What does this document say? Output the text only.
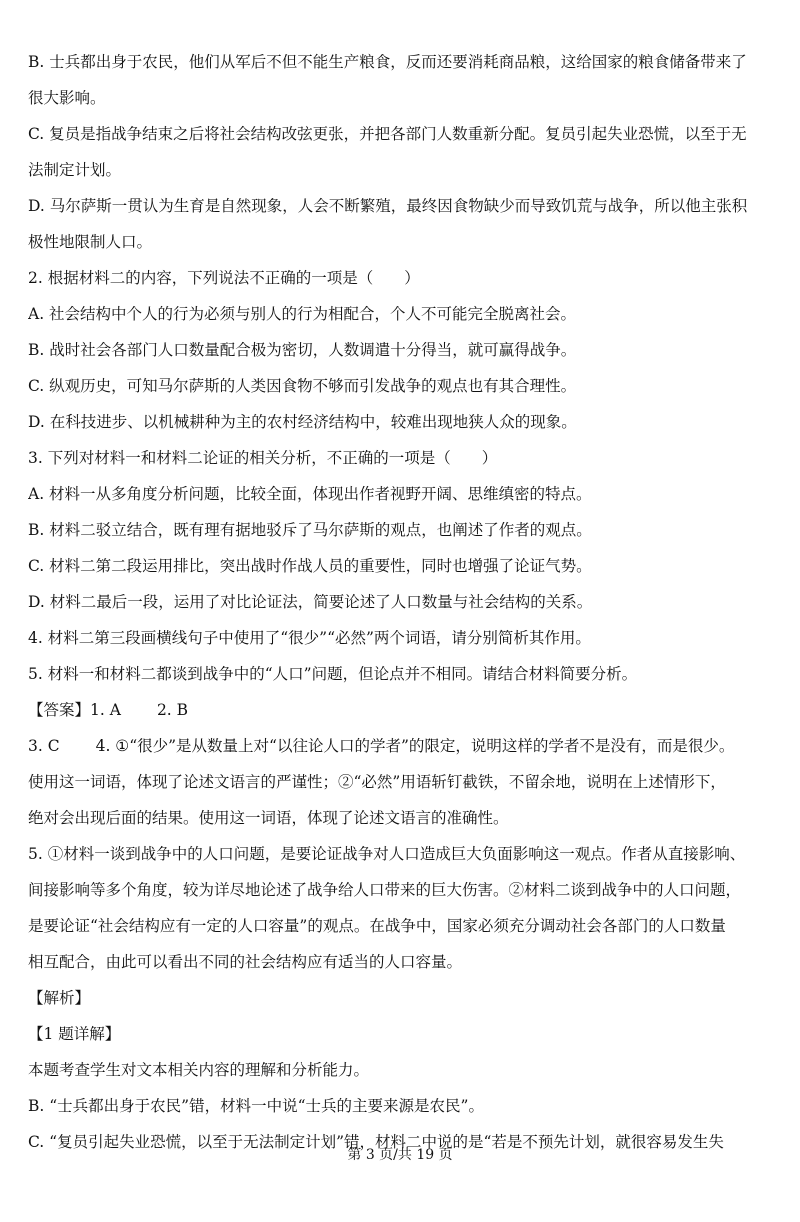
B. 士兵都出身于农民，他们从军后不但不能生产粮食，反而还要消耗商品粮，这给国家的粮食储备带来了
很大影响。
C. 复员是指战争结束之后将社会结构改弦更张，并把各部门人数重新分配。复员引起失业恐慌，以至于无
法制定计划。
D. 马尔萨斯一贯认为生育是自然现象，人会不断繁殖，最终因食物缺少而导致饥荒与战争，所以他主张积
极性地限制人口。
2. 根据材料二的内容，下列说法不正确的一项是（　　）
A. 社会结构中个人的行为必须与别人的行为相配合，个人不可能完全脱离社会。
B. 战时社会各部门人口数量配合极为密切，人数调遣十分得当，就可赢得战争。
C. 纵观历史，可知马尔萨斯的人类因食物不够而引发战争的观点也有其合理性。
D. 在科技进步、以机械耕种为主的农村经济结构中，较难出现地狭人众的现象。
3. 下列对材料一和材料二论证的相关分析，不正确的一项是（　　）
A. 材料一从多角度分析问题，比较全面，体现出作者视野开阔、思维缜密的特点。
B. 材料二驳立结合，既有理有据地驳斥了马尔萨斯的观点，也阐述了作者的观点。
C. 材料二第二段运用排比，突出战时作战人员的重要性，同时也增强了论证气势。
D. 材料二最后一段，运用了对比论证法，简要论述了人口数量与社会结构的关系。
4. 材料二第三段画横线句子中使用了“很少”“必然”两个词语，请分别简析其作用。
5. 材料一和材料二都谈到战争中的“人口”问题，但论点并不相同。请结合材料简要分析。
【答案】1. A 2. B
3. C 4. ①“很少”是从数量上对“以往论人口的学者”的限定，说明这样的学者不是没有，而是很少。
使用这一词语，体现了论述文语言的严谨性；②“必然”用语斩钉截铁，不留余地，说明在上述情形下，
绝对会出现后面的结果。使用这一词语，体现了论述文语言的准确性。
5. ①材料一谈到战争中的人口问题，是要论证战争对人口造成巨大负面影响这一观点。作者从直接影响、
间接影响等多个角度，较为详尽地论述了战争给人口带来的巨大伤害。②材料二谈到战争中的人口问题，
是要论证“社会结构应有一定的人口容量”的观点。在战争中，国家必须充分调动社会各部门的人口数量
相互配合，由此可以看出不同的社会结构应有适当的人口容量。
【解析】
【1 题详解】
本题考查学生对文本相关内容的理解和分析能力。
B. “士兵都出身于农民”错，材料一中说“士兵的主要来源是农民”。
C. “复员引起失业恐慌，以至于无法制定计划”错，材料二中说的是“若是不预先计划，就很容易发生失
第 3 页/共 19 页
